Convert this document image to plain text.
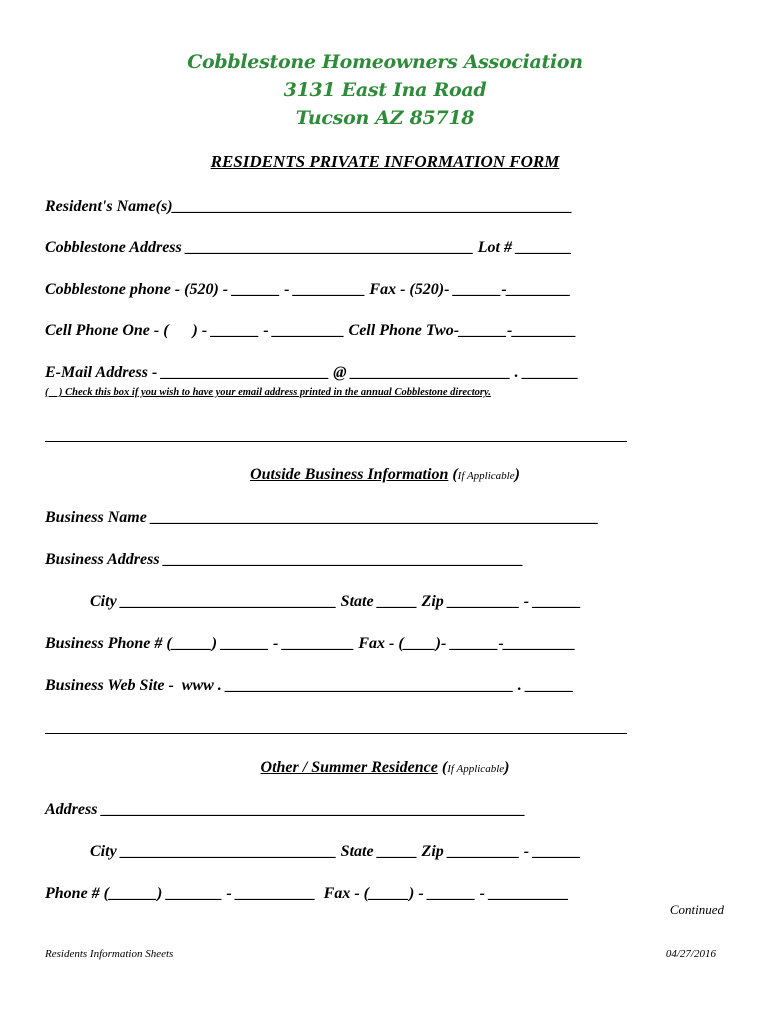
Cobblestone Homeowners Association
3131 East Ina Road
Tucson AZ 85718
RESIDENTS PRIVATE INFORMATION FORM
Resident's Name(s)__________________________________________________
Cobblestone Address ____________________________________ Lot # _______
Cobblestone phone - (520) - ______ - _________ Fax - (520)- ______-________
Cell Phone One - (      ) - ______ - _________ Cell Phone Two-______-________
E-Mail Address - _____________________ @ ____________________ . _______
(    ) Check this box if you wish to have your email address printed in the annual Cobblestone directory.
Outside Business Information (If Applicable)
Business Name ________________________________________________________
Business Address _____________________________________________
City ___________________________ State _____ Zip _________ - ______
Business Phone # (_____) ______ - _________ Fax - (____)- ______-_________
Business Web Site -  www . ____________________________________ . ______
Other / Summer Residence (If Applicable)
Address _____________________________________________________
City ___________________________ State _____ Zip _________ - ______
Phone # (______) _______ - __________  Fax - (_____) - ______ - __________
Continued
Residents Information Sheets	04/27/2016
